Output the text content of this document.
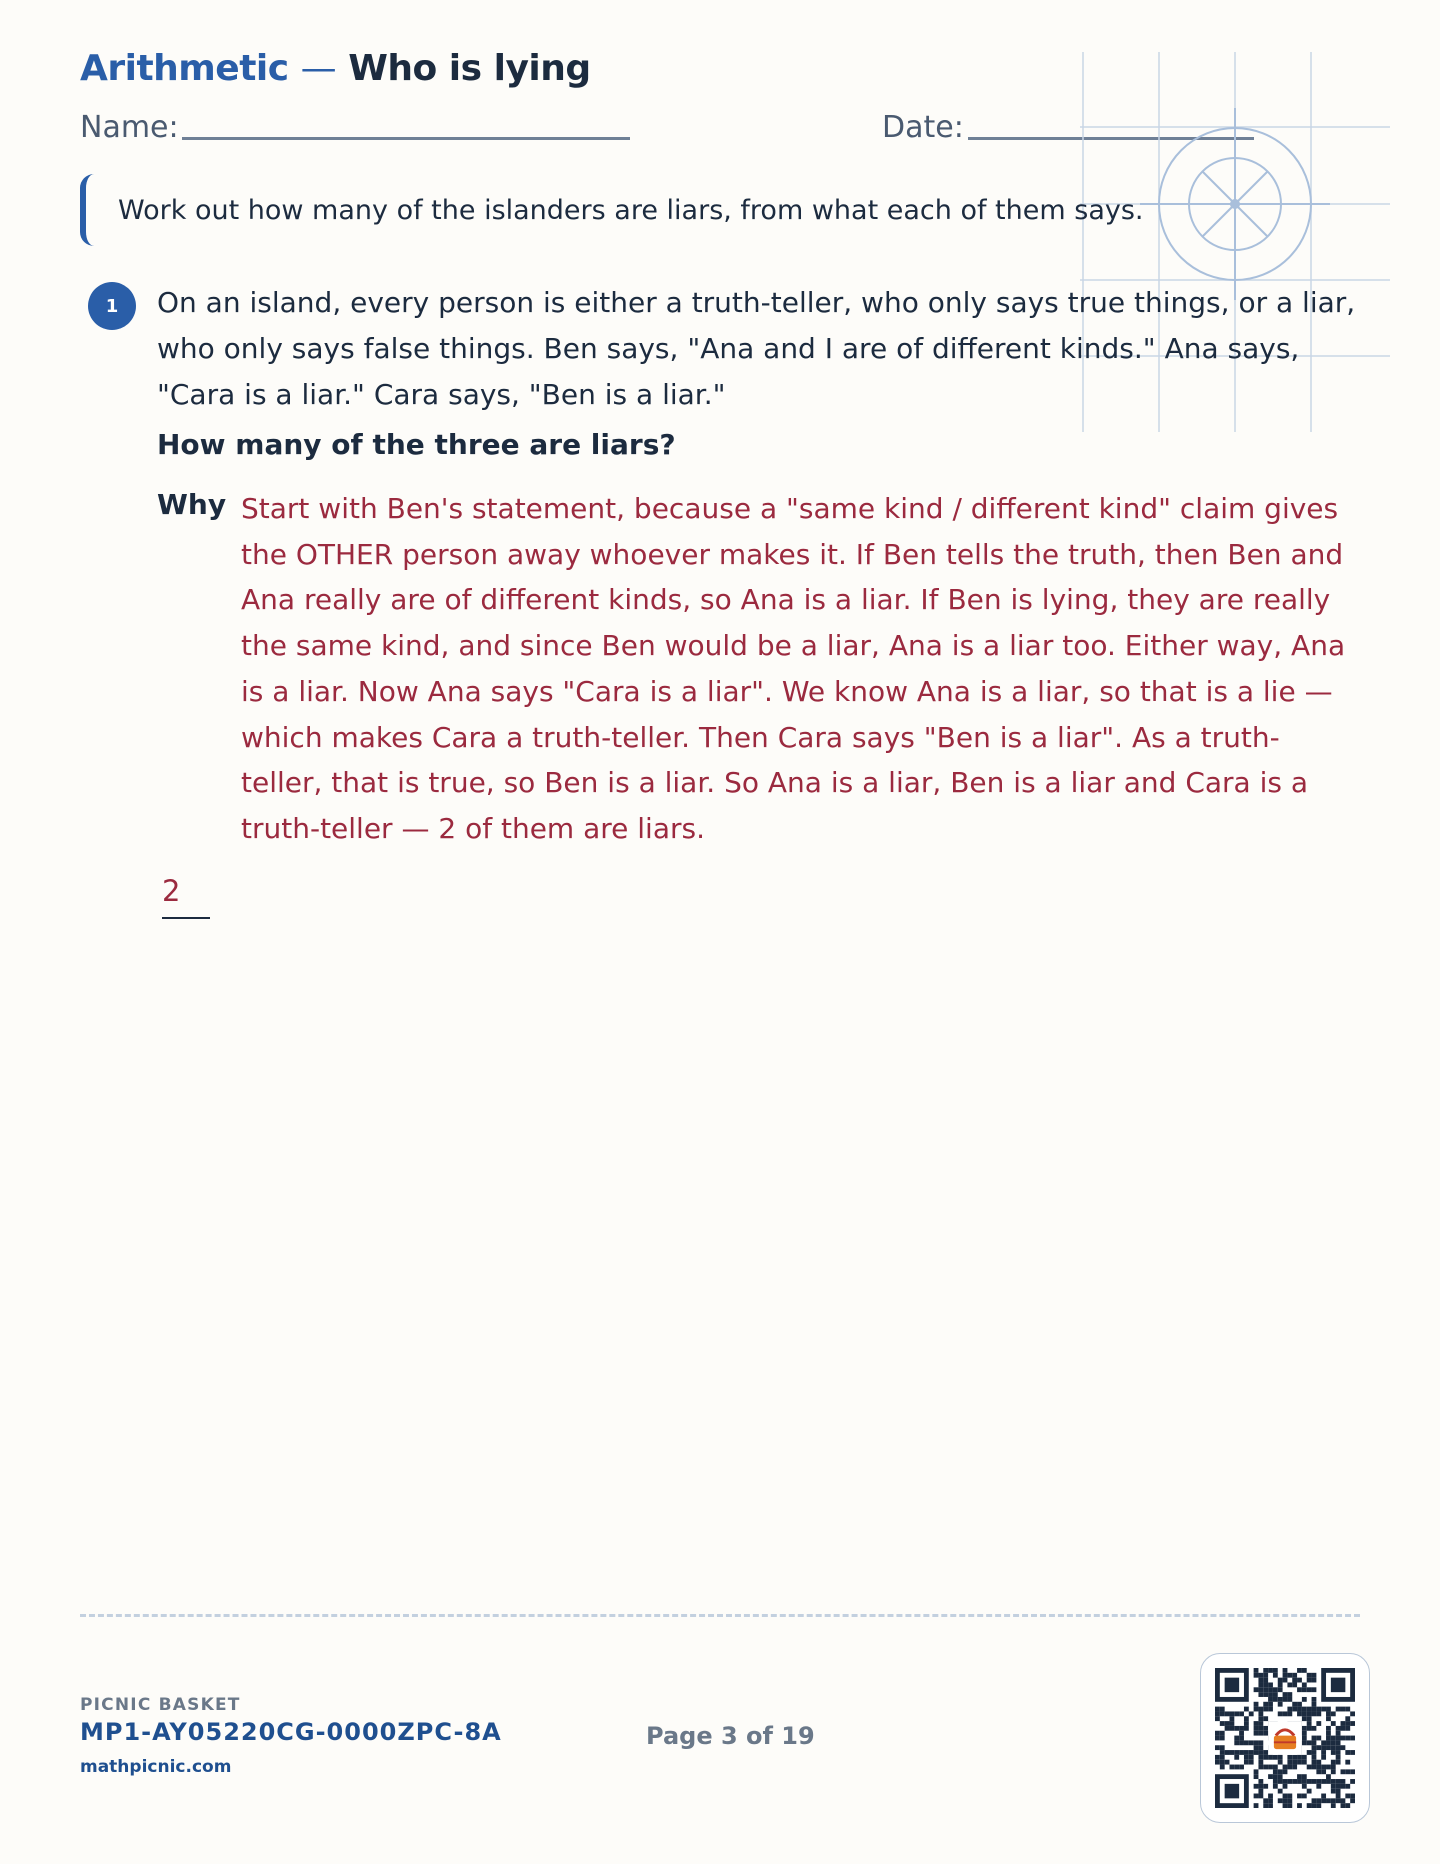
Arithmetic — Who is lying
Name:	Date:
Work out how many of the islanders are liars, from what each of them says.
1	On an island, every person is either a truth-teller, who only says true things, or a liar, who only says false things. Ben says, "Ana and I are of different kinds." Ana says, "Cara is a liar." Cara says, "Ben is a liar."
How many of the three are liars?
Why Start with Ben's statement, because a "same kind / different kind" claim gives the OTHER person away whoever makes it. If Ben tells the truth, then Ben and Ana really are of different kinds, so Ana is a liar. If Ben is lying, they are really the same kind, and since Ben would be a liar, Ana is a liar too. Either way, Ana is a liar. Now Ana says "Cara is a liar". We know Ana is a liar, so that is a lie — which makes Cara a truth-teller. Then Cara says "Ben is a liar". As a truth-teller, that is true, so Ben is a liar. So Ana is a liar, Ben is a liar and Cara is a truth-teller — 2 of them are liars.
2
PICNIC BASKET
MP1-AY05220CG-0000ZPC-8A
mathpicnic.com
Page 3 of 19
